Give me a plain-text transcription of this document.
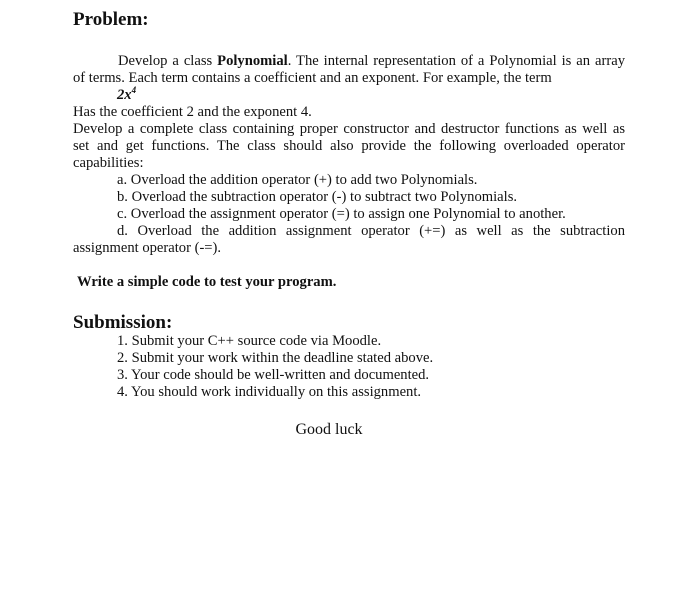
Problem:
Develop a class Polynomial. The internal representation of a Polynomial is an array
of terms. Each term contains a coefficient and an exponent. For example, the term
$2x^4$
Has the coefficient 2 and the exponent 4.
Develop a complete class containing proper constructor and destructor functions as well as
set and get functions. The class should also provide the following overloaded operator
capabilities:
a. Overload the addition operator (+) to add two Polynomials.
b. Overload the subtraction operator (-) to subtract two Polynomials.
c. Overload the assignment operator (=) to assign one Polynomial to another.
d. Overload the addition assignment operator (+=) as well as the subtraction
assignment operator (-=).
Write a simple code to test your program.
Submission:
1. Submit your C++ source code via Moodle.
2. Submit your work within the deadline stated above.
3. Your code should be well-written and documented.
4. You should work individually on this assignment.
Good luck
